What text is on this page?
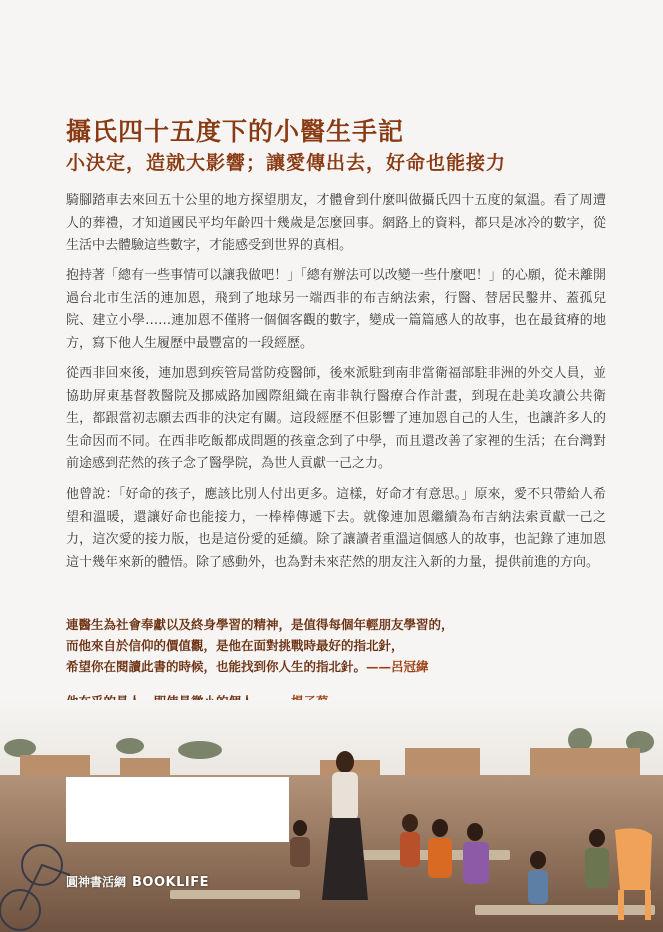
攝氏四十五度下的小醫生手記
小決定，造就大影響；讓愛傳出去，好命也能接力

騎腳踏車去來回五十公里的地方探望朋友，才體會到什麼叫做攝氏四十五度的氣溫。看了周遭人的葬禮，才知道國民平均年齡四十幾歲是怎麼回事。網路上的資料，都只是冰冷的數字，從生活中去體驗這些數字，才能感受到世界的真相。

抱持著「總有一些事情可以讓我做吧！」「總有辦法可以改變一些什麼吧！」的心願，從未離開過台北市生活的連加恩，飛到了地球另一端西非的布吉納法索，行醫、替居民鑿井、蓋孤兒院、建立小學……連加恩不僅將一個個客觀的數字，變成一篇篇感人的故事，也在最貧瘠的地方，寫下他人生履歷中最豐富的一段經歷。

從西非回來後，連加恩到疾管局當防疫醫師，後來派駐到南非當衛福部駐非洲的外交人員，並協助屏東基督教醫院及挪威路加國際組織在南非執行醫療合作計畫，到現在赴美攻讀公共衛生，都跟當初志願去西非的決定有關。這段經歷不但影響了連加恩自己的人生，也讓許多人的生命因而不同。在西非吃飯都成問題的孩童念到了中學，而且還改善了家裡的生活；在台灣對前途感到茫然的孩子念了醫學院，為世人貢獻一己之力。

他曾說：「好命的孩子，應該比別人付出更多。這樣，好命才有意思。」原來，愛不只帶給人希望和溫暖，還讓好命也能接力，一棒棒傳遞下去。就像連加恩繼續為布吉納法索貢獻一己之力，這次愛的接力版，也是這份愛的延續。除了讓讀者重溫這個感人的故事，也記錄了連加恩這十幾年來新的體悟。除了感動外，也為對未來茫然的朋友注入新的力量，提供前進的方向。

連醫生為社會奉獻以及終身學習的精神，是值得每個年輕朋友學習的，
而他來自於信仰的價值觀，是他在面對挑戰時最好的指北針，
希望你在閱讀此書的時候，也能找到你人生的指北針。——呂冠緯
圓神書活網 BOOKLIFE
